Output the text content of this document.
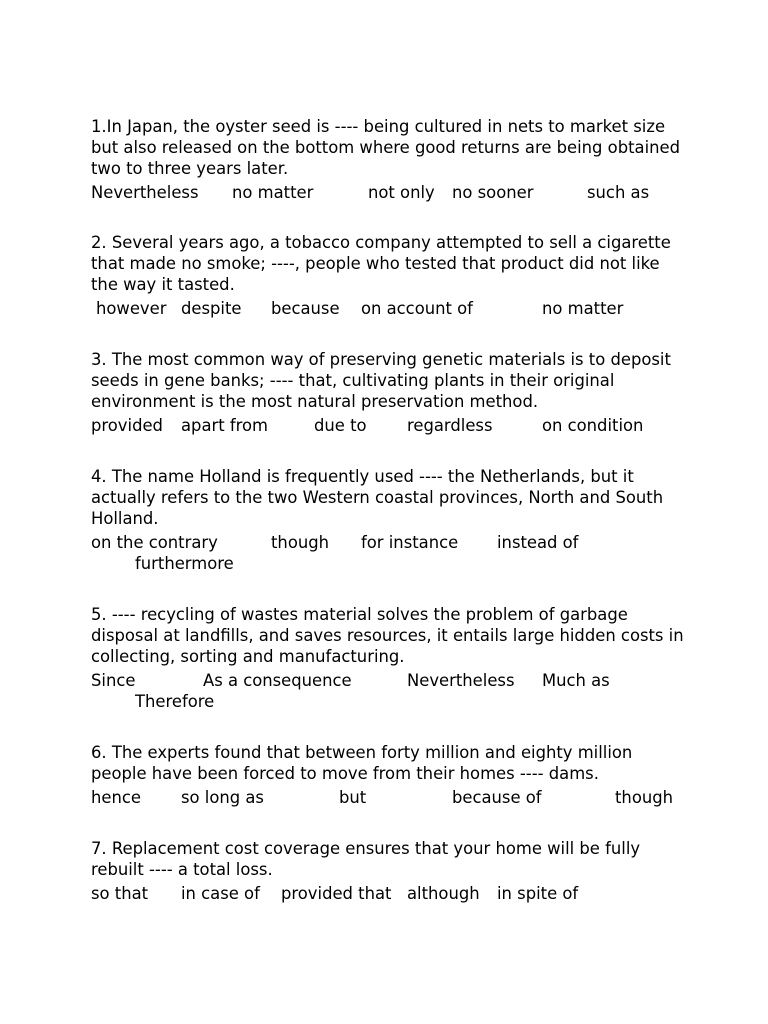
1.In Japan, the oyster seed is ---- being cultured in nets to market size but also released on the bottom where good returns are being obtained two to three years later.

Nevertheless no matter	not only no sooner	such as

2. Several years ago, a tobacco company attempted to sell a cigarette that made no smoke; ----, people who tested that product did not like the way it tasted.

however despite because on account of	no matter

3. The most common way of preserving genetic materials is to deposit seeds in gene banks; ---- that, cultivating plants in their original environment is the most natural preservation method.

provided apart from	due to regardless	on condition

4. The name Holland is frequently used ---- the Netherlands, but it actually refers to the two Western coastal provinces, North and South Holland.

on the contrary	though for instance instead of
furthermore

5. ---- recycling of wastes material solves the problem of garbage disposal at landfills, and saves resources, it entails large hidden costs in collecting, sorting and manufacturing.

Since	As a consequence	Nevertheless Much as
Therefore

6. The experts found that between forty million and eighty million people have been forced to move from their homes ---- dams.

hence so long as	but	because of	though

7. Replacement cost coverage ensures that your home will be fully rebuilt ---- a total loss.

so that in case of provided that although in spite of
